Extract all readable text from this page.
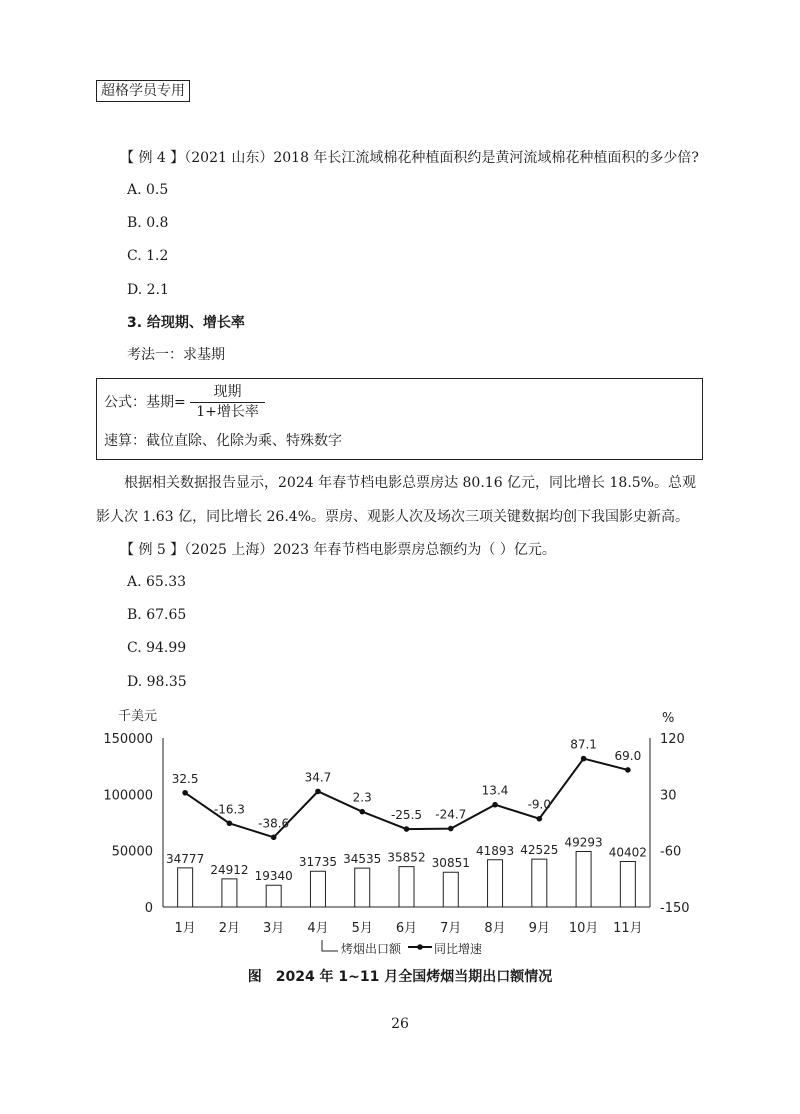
超格学员专用
【 例 4 】（2021 山东）2018 年长江流域棉花种植面积约是黄河流域棉花种植面积的多少倍?
A. 0.5
B. 0.8
C. 1.2
D. 2.1
3. 给现期、增长率
考法一：求基期
公式：基期= $\frac{\text{现期}}{\text{1+增长率}}$
速算：截位直除、化除为乘、特殊数字
根据相关数据报告显示，2024 年春节档电影总票房达 80.16 亿元，同比增长 18.5%。总观影人次 1.63 亿，同比增长 26.4%。票房、观影人次及场次三项关键数据均创下我国影史新高。
【 例 5 】（2025 上海）2023 年春节档电影票房总额约为（ ）亿元。
A. 65.33
B. 67.65
C. 94.99
D. 98.35
千美元	%
150000
100000
50000
0
120
30
-60
-150
1月 2月 3月 4月 5月 6月 7月 8月 9月 10月 11月
34777
24912 19340
31735 34535 35852 30851
41893 42525
49293
40402
32.5
-16.3
-38.6
34.7
2.3
-25.5 -24.7
13.4
-9.0
87.1
69.0
烤烟出口额	同比增速
图　2024 年 1~11 月全国烤烟当期出口额情况
26
